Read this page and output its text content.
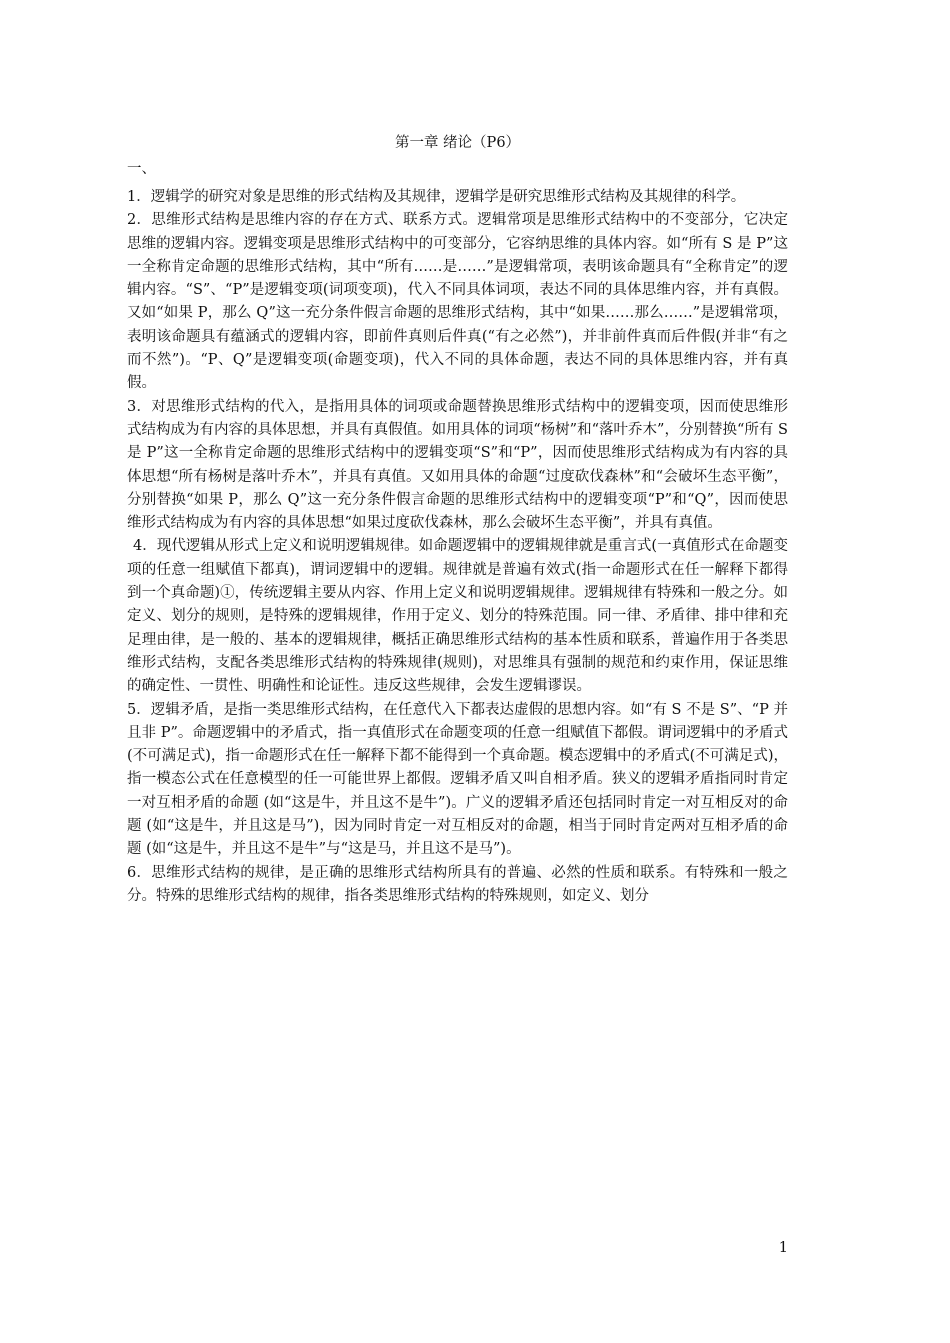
第一章 绪论（P6）
一、

1．逻辑学的研究对象是思维的形式结构及其规律，逻辑学是研究思维形式结构及其规律的科学。

2．思维形式结构是思维内容的存在方式、联系方式。逻辑常项是思维形式结构中的不变部分，它决定思维的逻辑内容。逻辑变项是思维形式结构中的可变部分，它容纳思维的具体内容。如“所有 S 是 P”这一全称肯定命题的思维形式结构，其中“所有……是……”是逻辑常项，表明该命题具有“全称肯定”的逻辑内容。“S”、“P”是逻辑变项(词项变项)，代入不同具体词项，表达不同的具体思维内容，并有真假。又如“如果 P，那么 Q”这一充分条件假言命题的思维形式结构，其中“如果……那么……”是逻辑常项，表明该命题具有蕴涵式的逻辑内容，即前件真则后件真(“有之必然”)，并非前件真而后件假(并非“有之而不然”)。“P、Q”是逻辑变项(命题变项)，代入不同的具体命题，表达不同的具体思维内容，并有真假。

3．对思维形式结构的代入，是指用具体的词项或命题替换思维形式结构中的逻辑变项，因而使思维形式结构成为有内容的具体思想，并具有真假值。如用具体的词项“杨树”和“落叶乔木”，分别替换“所有 S 是 P”这一全称肯定命题的思维形式结构中的逻辑变项“S”和“P”，因而使思维形式结构成为有内容的具体思想“所有杨树是落叶乔木”，并具有真值。又如用具体的命题“过度砍伐森林”和“会破坏生态平衡”，分别替换“如果 P，那么 Q”这一充分条件假言命题的思维形式结构中的逻辑变项“P”和“Q”，因而使思维形式结构成为有内容的具体思想“如果过度砍伐森林，那么会破坏生态平衡”，并具有真值。

4．现代逻辑从形式上定义和说明逻辑规律。如命题逻辑中的逻辑规律就是重言式(一真值形式在命题变项的任意一组赋值下都真)，谓词逻辑中的逻辑。规律就是普遍有效式(指一命题形式在任一解释下都得到一个真命题)①，传统逻辑主要从内容、作用上定义和说明逻辑规律。逻辑规律有特殊和一般之分。如定义、划分的规则，是特殊的逻辑规律，作用于定义、划分的特殊范围。同一律、矛盾律、排中律和充足理由律，是一般的、基本的逻辑规律，概括正确思维形式结构的基本性质和联系，普遍作用于各类思维形式结构，支配各类思维形式结构的特殊规律(规则)，对思维具有强制的规范和约束作用，保证思维的确定性、一贯性、明确性和论证性。违反这些规律，会发生逻辑谬误。

5．逻辑矛盾，是指一类思维形式结构，在任意代入下都表达虚假的思想内容。如“有 S 不是 S”、“P 并且非 P”。命题逻辑中的矛盾式，指一真值形式在命题变项的任意一组赋值下都假。谓词逻辑中的矛盾式(不可满足式)，指一命题形式在任一解释下都不能得到一个真命题。模态逻辑中的矛盾式(不可满足式)，指一模态公式在任意模型的任一可能世界上都假。逻辑矛盾又叫自相矛盾。狭义的逻辑矛盾指同时肯定一对互相矛盾的命题 (如“这是牛，并且这不是牛”)。广义的逻辑矛盾还包括同时肯定一对互相反对的命题 (如“这是牛，并且这是马”)，因为同时肯定一对互相反对的命题，相当于同时肯定两对互相矛盾的命题 (如“这是牛，并且这不是牛”与“这是马，并且这不是马”)。

6．思维形式结构的规律，是正确的思维形式结构所具有的普遍、必然的性质和联系。有特殊和一般之分。特殊的思维形式结构的规律，指各类思维形式结构的特殊规则，如定义、划分

1
